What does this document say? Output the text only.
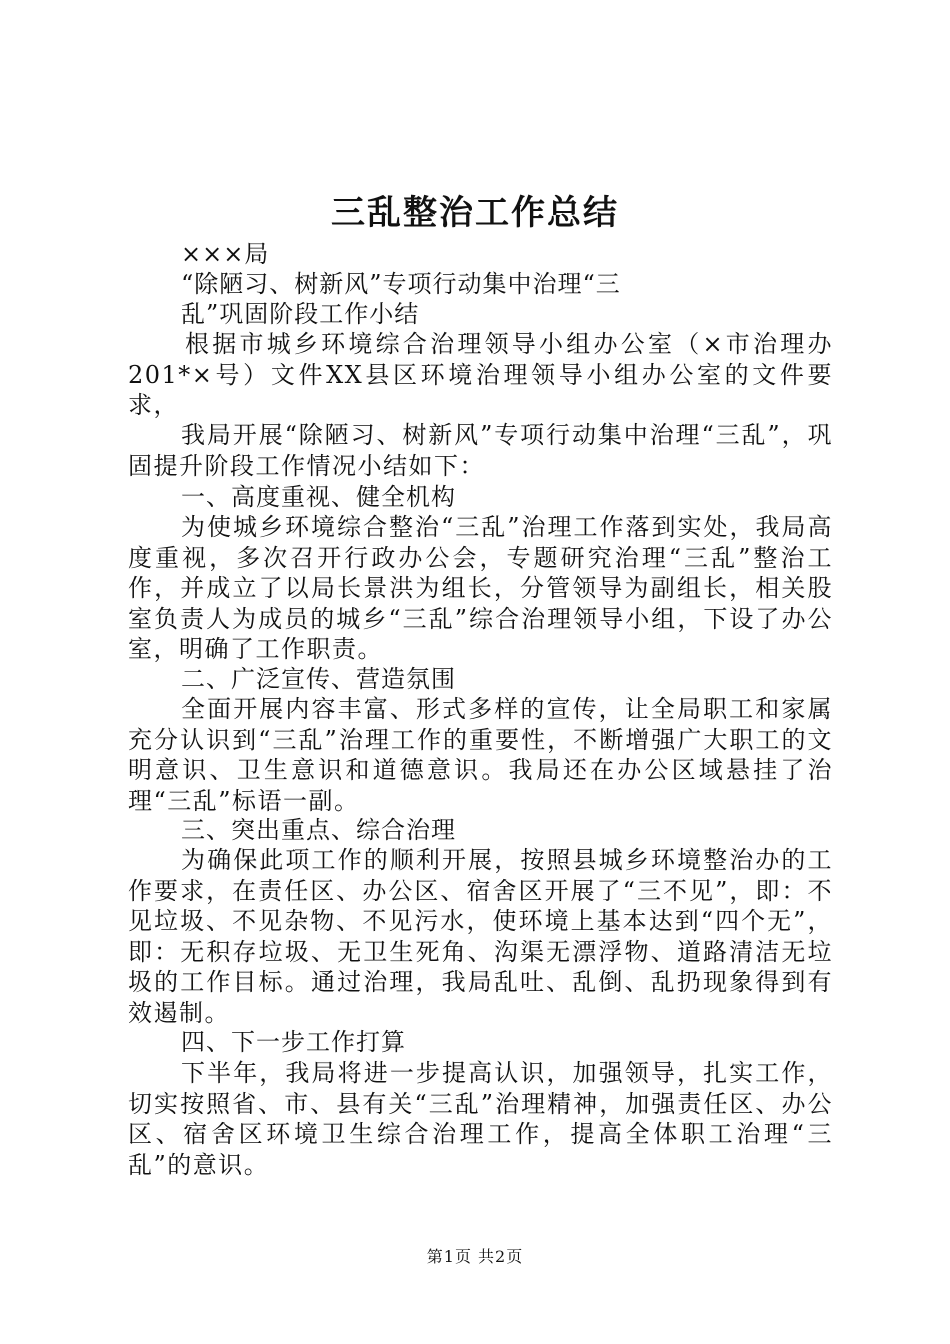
三乱整治工作总结
×××局
“除陋习、树新风”专项行动集中治理“三
乱”巩固阶段工作小结
根据市城乡环境综合治理领导小组办公室（×市治理办201*×号）文件XX县区环境治理领导小组办公室的文件要求，
我局开展“除陋习、树新风”专项行动集中治理“三乱”，巩固提升阶段工作情况小结如下：
一、高度重视、健全机构
为使城乡环境综合整治“三乱”治理工作落到实处，我局高度重视，多次召开行政办公会，专题研究治理“三乱”整治工作，并成立了以局长景洪为组长，分管领导为副组长，相关股室负责人为成员的城乡“三乱”综合治理领导小组，下设了办公室，明确了工作职责。
二、广泛宣传、营造氛围
全面开展内容丰富、形式多样的宣传，让全局职工和家属充分认识到“三乱”治理工作的重要性，不断增强广大职工的文明意识、卫生意识和道德意识。我局还在办公区域悬挂了治理“三乱”标语一副。
三、突出重点、综合治理
为确保此项工作的顺利开展，按照县城乡环境整治办的工作要求，在责任区、办公区、宿舍区开展了“三不见”，即：不见垃圾、不见杂物、不见污水，使环境上基本达到“四个无”，即：无积存垃圾、无卫生死角、沟渠无漂浮物、道路清洁无垃圾的工作目标。通过治理，我局乱吐、乱倒、乱扔现象得到有效遏制。
四、下一步工作打算
下半年，我局将进一步提高认识，加强领导，扎实工作，切实按照省、市、县有关“三乱”治理精神，加强责任区、办公区、宿舍区环境卫生综合治理工作，提高全体职工治理“三乱”的意识。
第1页 共2页
